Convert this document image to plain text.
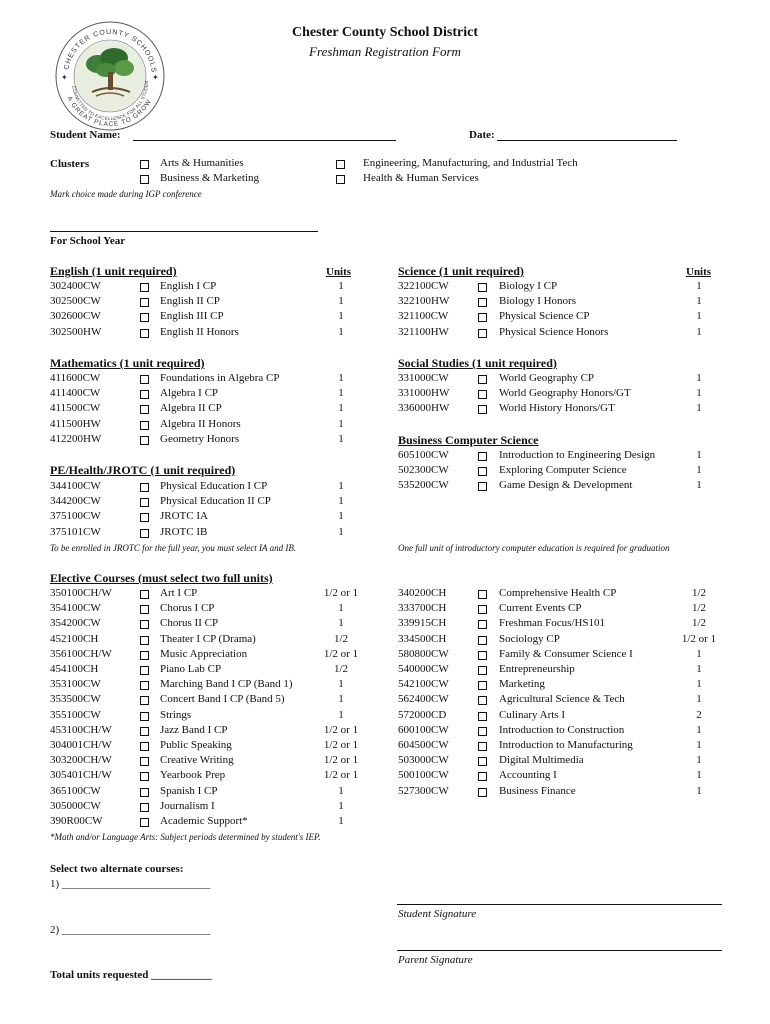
CHESTER COUNTY SCHOOLS
A GREAT PLACE TO GROW
COMMITTED TO EXCELLENCE FOR ALL STUDEN
✦	✦
Chester County School District
Freshman Registration Form
Student Name:	Date:
Clusters	Arts & Humanities
Business & Marketing
Engineering, Manufacturing, and Industrial Tech
Health & Human Services
Mark choice made during IGP conference
For School Year
English (1 unit required)	Units	Science (1 unit required)	Units
Mathematics (1 unit required)	Social Studies (1 unit required)
Business Computer Science
PE/Health/JROTC (1 unit required)
To be enrolled in JROTC for the full year, you must select IA and IB.	One full unit of introductory computer education is required for graduation
Elective Courses (must select two full units)
*Math and/or Language Arts: Subject periods determined by student's IEP.
302400CW	English I CP	1
302500CW	English II CP	1
302600CW	English III CP	1
302500HW	English II Honors	1
322100CW	Biology I CP	1
322100HW	Biology I Honors	1
321100CW	Physical Science CP	1
321100HW	Physical Science Honors	1
411600CW	Foundations in Algebra CP	1
411400CW	Algebra I CP	1
411500CW	Algebra II CP	1
411500HW	Algebra II Honors	1
412200HW	Geometry Honors	1
331000CW	World Geography CP	1
331000HW	World Geography Honors/GT	1
336000HW	World History Honors/GT	1
605100CW	Introduction to Engineering Design	1
502300CW	Exploring Computer Science	1
535200CW	Game Design & Development	1
344100CW	Physical Education I CP	1
344200CW	Physical Education II CP	1
375100CW	JROTC IA	1
375101CW	JROTC IB	1
350100CH/W	Art I CP	1/2 or 1
354100CW	Chorus I CP	1
354200CW	Chorus II CP	1
452100CH	Theater I CP (Drama)	1/2
356100CH/W	Music Appreciation	1/2 or 1
454100CH	Piano Lab CP	1/2
353100CW	Marching Band I CP (Band 1)	1
353500CW	Concert Band I CP (Band 5)	1
355100CW	Strings	1
453100CH/W	Jazz Band I CP	1/2 or 1
304001CH/W	Public Speaking	1/2 or 1
303200CH/W	Creative Writing	1/2 or 1
305401CH/W	Yearbook Prep	1/2 or 1
365100CW	Spanish I CP	1
305000CW	Journalism I	1
390R00CW	Academic Support*	1
340200CH	Comprehensive Health CP	1/2
333700CH	Current Events CP	1/2
339915CH	Freshman Focus/HS101	1/2
334500CH	Sociology CP	1/2 or 1
580800CW	Family & Consumer Science I	1
540000CW	Entrepreneurship	1
542100CW	Marketing	1
562400CW	Agricultural Science & Tech	1
572000CD	Culinary Arts I	2
600100CW	Introduction to Construction	1
604500CW	Introduction to Manufacturing	1
503000CW	Digital Multimedia	1
500100CW	Accounting I	1
527300CW	Business Finance	1
Select two alternate courses:
1) ___________________________
2) ___________________________
Total units requested ___________
Student Signature
Parent Signature
